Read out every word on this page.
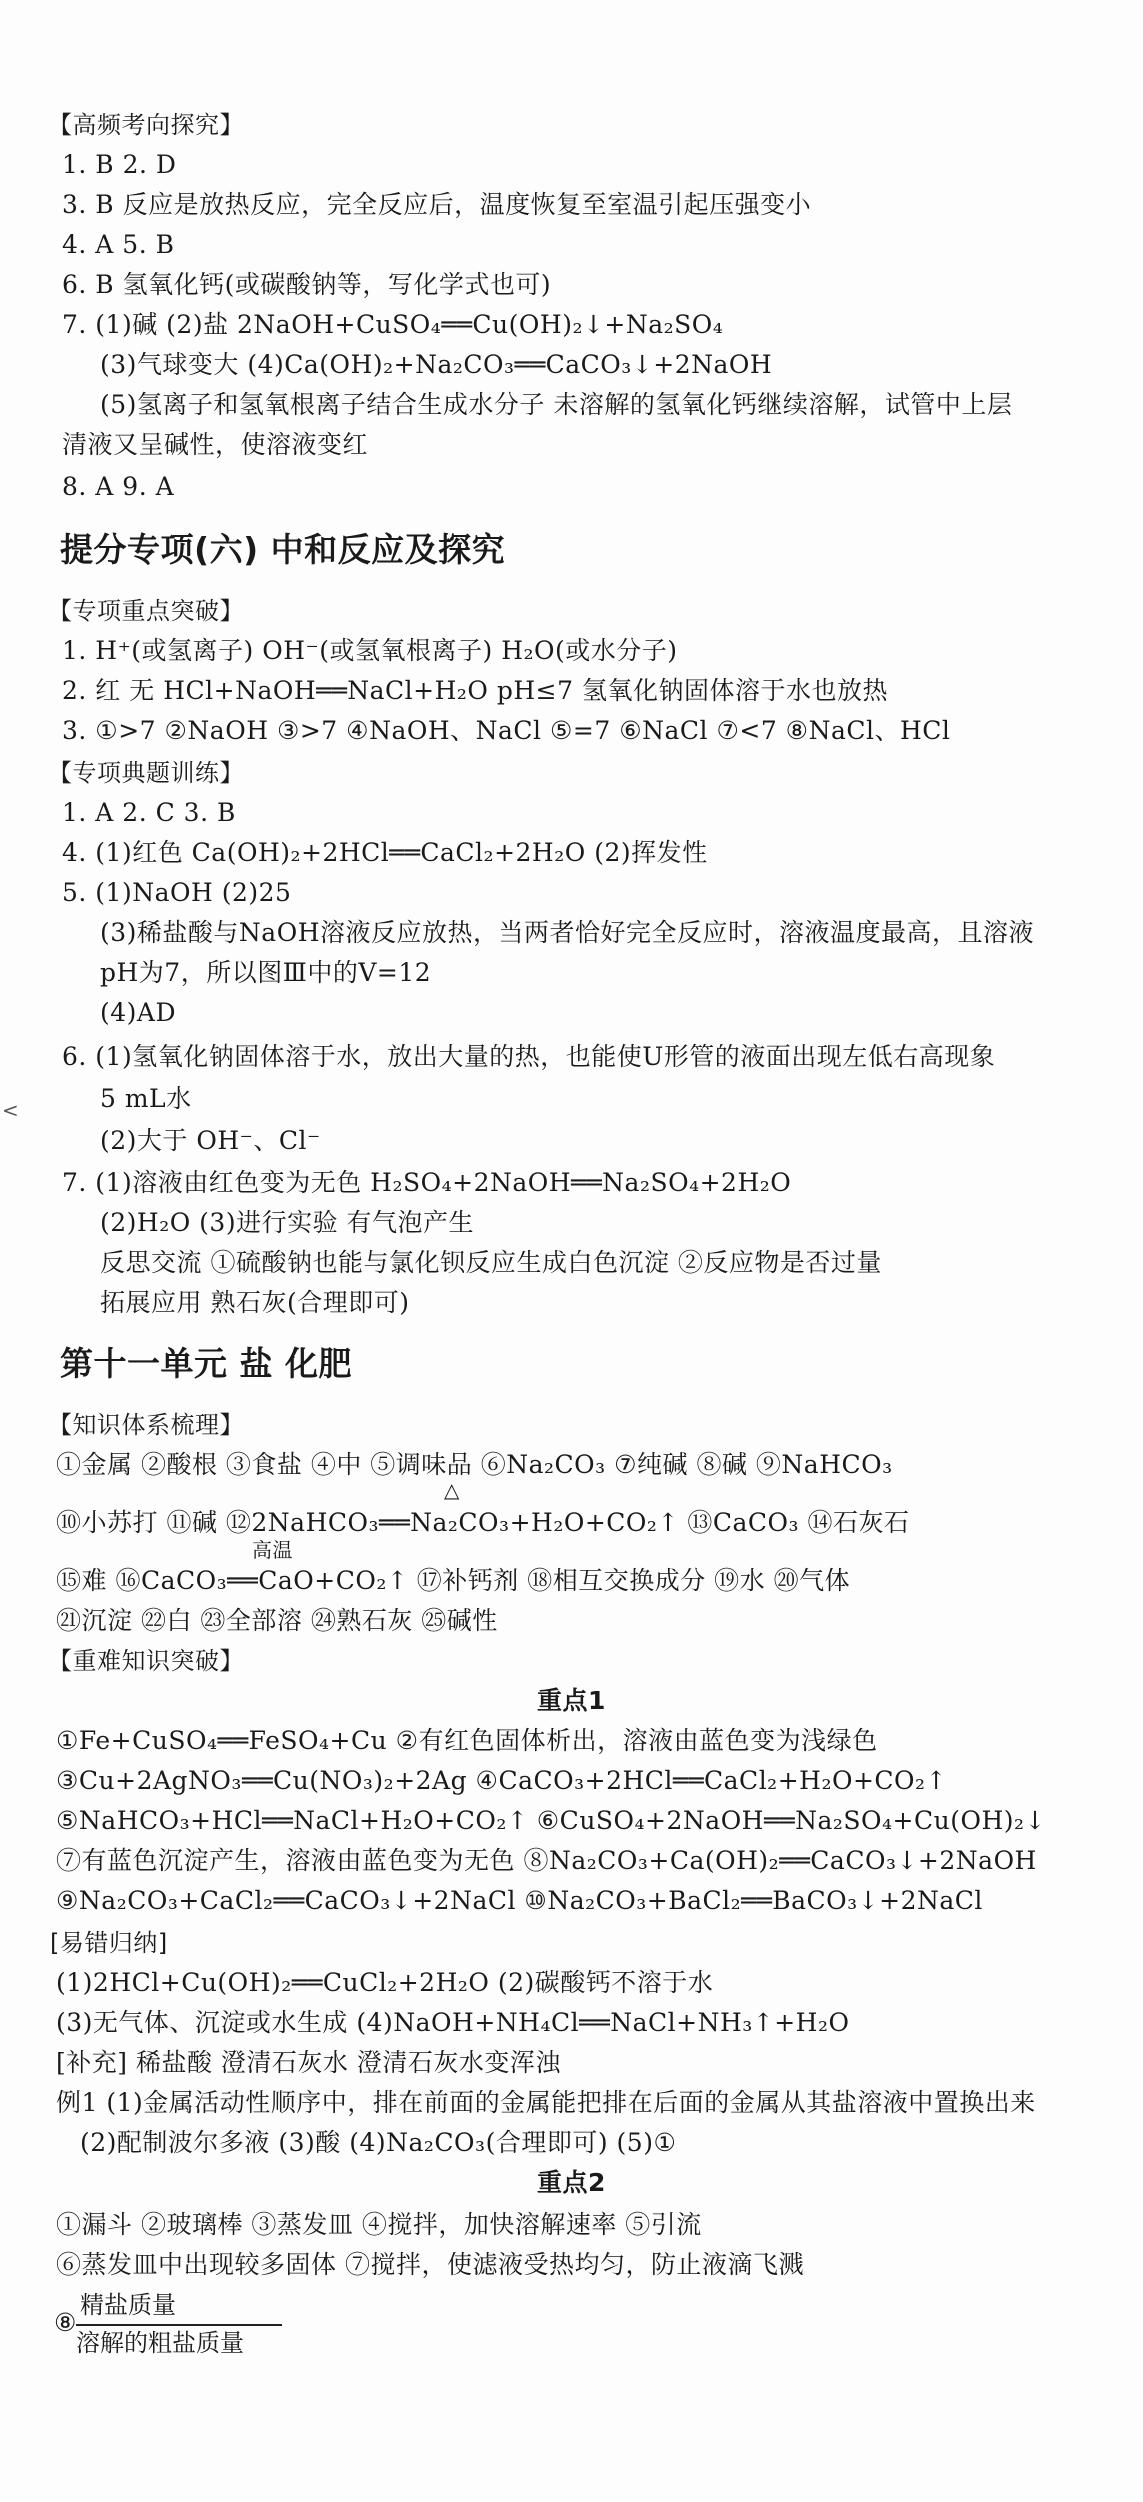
【高频考向探究】
1. B 2. D
3. B 反应是放热反应，完全反应后，温度恢复至室温引起压强变小
4. A 5. B
6. B 氢氧化钙(或碳酸钠等，写化学式也可)
7. (1)碱 (2)盐 2NaOH+CuSO₄══Cu(OH)₂↓+Na₂SO₄
(3)气球变大 (4)Ca(OH)₂+Na₂CO₃══CaCO₃↓+2NaOH
(5)氢离子和氢氧根离子结合生成水分子 未溶解的氢氧化钙继续溶解，试管中上层
清液又呈碱性，使溶液变红
8. A 9. A
提分专项(六) 中和反应及探究
【专项重点突破】
1. H⁺(或氢离子) OH⁻(或氢氧根离子) H₂O(或水分子)
2. 红 无 HCl+NaOH══NaCl+H₂O pH≤7 氢氧化钠固体溶于水也放热
3. ①>7 ②NaOH ③>7 ④NaOH、NaCl ⑤=7 ⑥NaCl ⑦<7 ⑧NaCl、HCl
【专项典题训练】
1. A 2. C 3. B
4. (1)红色 Ca(OH)₂+2HCl══CaCl₂+2H₂O (2)挥发性
5. (1)NaOH (2)25
(3)稀盐酸与NaOH溶液反应放热，当两者恰好完全反应时，溶液温度最高，且溶液
pH为7，所以图Ⅲ中的V=12
(4)AD
6. (1)氢氧化钠固体溶于水，放出大量的热，也能使U形管的液面出现左低右高现象
5 mL水
(2)大于 OH⁻、Cl⁻
7. (1)溶液由红色变为无色 H₂SO₄+2NaOH══Na₂SO₄+2H₂O
(2)H₂O (3)进行实验 有气泡产生
反思交流 ①硫酸钠也能与氯化钡反应生成白色沉淀 ②反应物是否过量
拓展应用 熟石灰(合理即可)
第十一单元 盐 化肥
【知识体系梳理】
①金属 ②酸根 ③食盐 ④中 ⑤调味品 ⑥Na₂CO₃ ⑦纯碱 ⑧碱 ⑨NaHCO₃
⑩小苏打 ⑪碱 ⑫2NaHCO₃══Na₂CO₃+H₂O+CO₂↑ ⑬CaCO₃ ⑭石灰石
△
⑮难 ⑯CaCO₃══CaO+CO₂↑ ⑰补钙剂 ⑱相互交换成分 ⑲水 ⑳气体
高温
㉑沉淀 ㉒白 ㉓全部溶 ㉔熟石灰 ㉕碱性
【重难知识突破】
重点1
①Fe+CuSO₄══FeSO₄+Cu ②有红色固体析出，溶液由蓝色变为浅绿色
③Cu+2AgNO₃══Cu(NO₃)₂+2Ag ④CaCO₃+2HCl══CaCl₂+H₂O+CO₂↑
⑤NaHCO₃+HCl══NaCl+H₂O+CO₂↑ ⑥CuSO₄+2NaOH══Na₂SO₄+Cu(OH)₂↓
⑦有蓝色沉淀产生，溶液由蓝色变为无色 ⑧Na₂CO₃+Ca(OH)₂══CaCO₃↓+2NaOH
⑨Na₂CO₃+CaCl₂══CaCO₃↓+2NaCl ⑩Na₂CO₃+BaCl₂══BaCO₃↓+2NaCl
[易错归纳]
(1)2HCl+Cu(OH)₂══CuCl₂+2H₂O (2)碳酸钙不溶于水
(3)无气体、沉淀或水生成 (4)NaOH+NH₄Cl══NaCl+NH₃↑+H₂O
[补充] 稀盐酸 澄清石灰水 澄清石灰水变浑浊
例1 (1)金属活动性顺序中，排在前面的金属能把排在后面的金属从其盐溶液中置换出来
(2)配制波尔多液 (3)酸 (4)Na₂CO₃(合理即可) (5)①
重点2
①漏斗 ②玻璃棒 ③蒸发皿 ④搅拌，加快溶解速率 ⑤引流
⑥蒸发皿中出现较多固体 ⑦搅拌，使滤液受热均匀，防止液滴飞溅
⑧
精盐质量
溶解的粗盐质量
<
